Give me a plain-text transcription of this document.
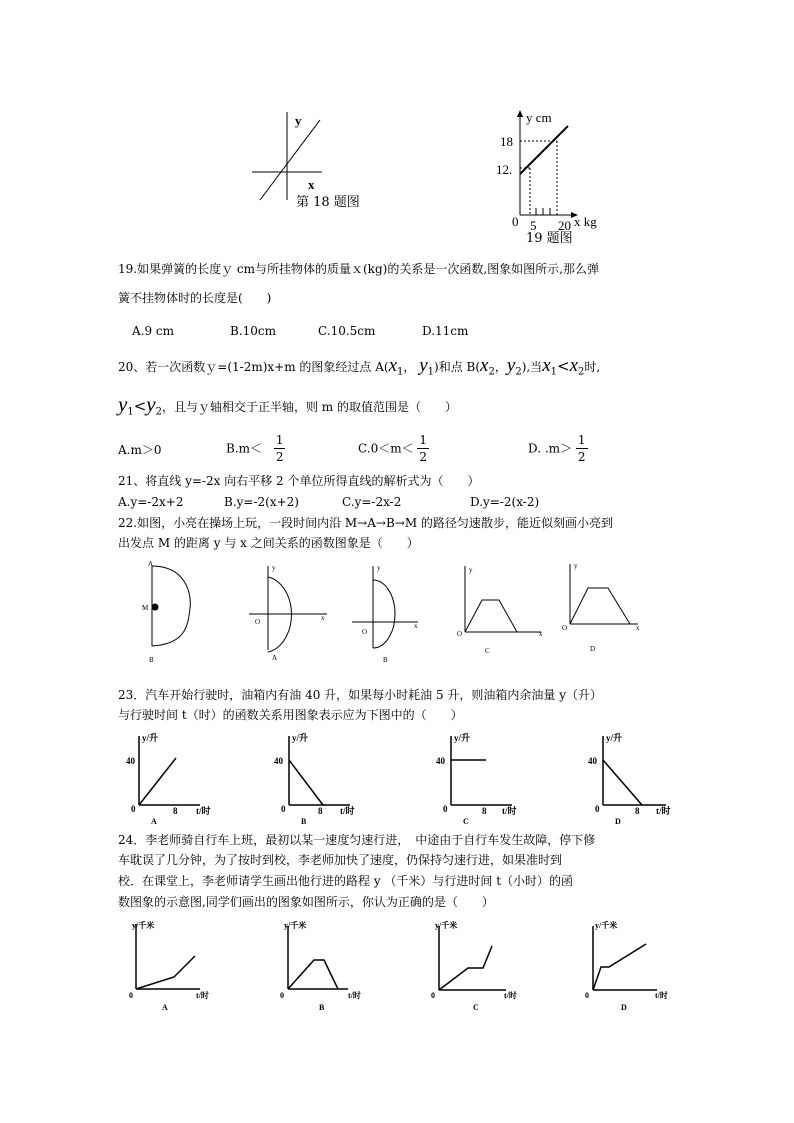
y
x
第 18 题图
y cm
18
12.
0 5 20 x kg
19 题图
19.如果弹簧的长度ｙ cm与所挂物体的质量ｘ(kg)的关系是一次函数,图象如图所示,那么弹
簧不挂物体时的长度是(　　)
A.9 cm	B.10cm	C.10.5cm	D.11cm
20、若一次函数ｙ=(1-2m)x+m 的图象经过点 $A(x_1$， $y_1$)和点 $B(x_2$，$y_2$),当$x_1<x_2$时,
$y_1<y_2$，且与ｙ轴相交于正半轴，则 m 的取值范围是（　　）
A.m＞0	$B.m< \frac{1}{2}$	$C.0<m< \frac{1}{2}$	D. $.m> \frac{1}{2}$
21、将直线 y=-2x 向右平移 2 个单位所得直线的解析式为（　　）
A.y=-2x+2	B.y=-2(x+2)	C.y=-2x-2	D.y=-2(x-2)
22.如图，小亮在操场上玩，一段时间内沿 M→A→B→M 的路径匀速散步，能近似刻画小亮到
出发点 M 的距离 y 与 x 之间关系的函数图象是（　　）
A
M
B
y
x
O
A
y
x
O
B
y
x
O
C
y
x
O
D
23．汽车开始行驶时，油箱内有油 40 升，如果每小时耗油 5 升，则油箱内余油量 y（升）
与行驶时间 t（时）的函数关系用图象表示应为下图中的（　　）
y/升
40
0	8 t/时
A
y/升
40
0	8 t/时
B
y/升
40
0	8 t/时
C
y/升
40
0	8 t/时
D
24．李老师骑自行车上班，最初以某一速度匀速行进，　中途由于自行车发生故障，停下修
车耽误了几分钟，为了按时到校，李老师加快了速度，仍保持匀速行进，如果准时到
校．在课堂上，李老师请学生画出他行进的路程 y （千米）与行进时间 t（小时）的函
数图象的示意图,同学们画出的图象如图所示，你认为正确的是（　　）
y/千米
0	t/时
A
y/千米
0	t/时
B
y/千米
0	t/时
C
y/千米
0	t/时
D
